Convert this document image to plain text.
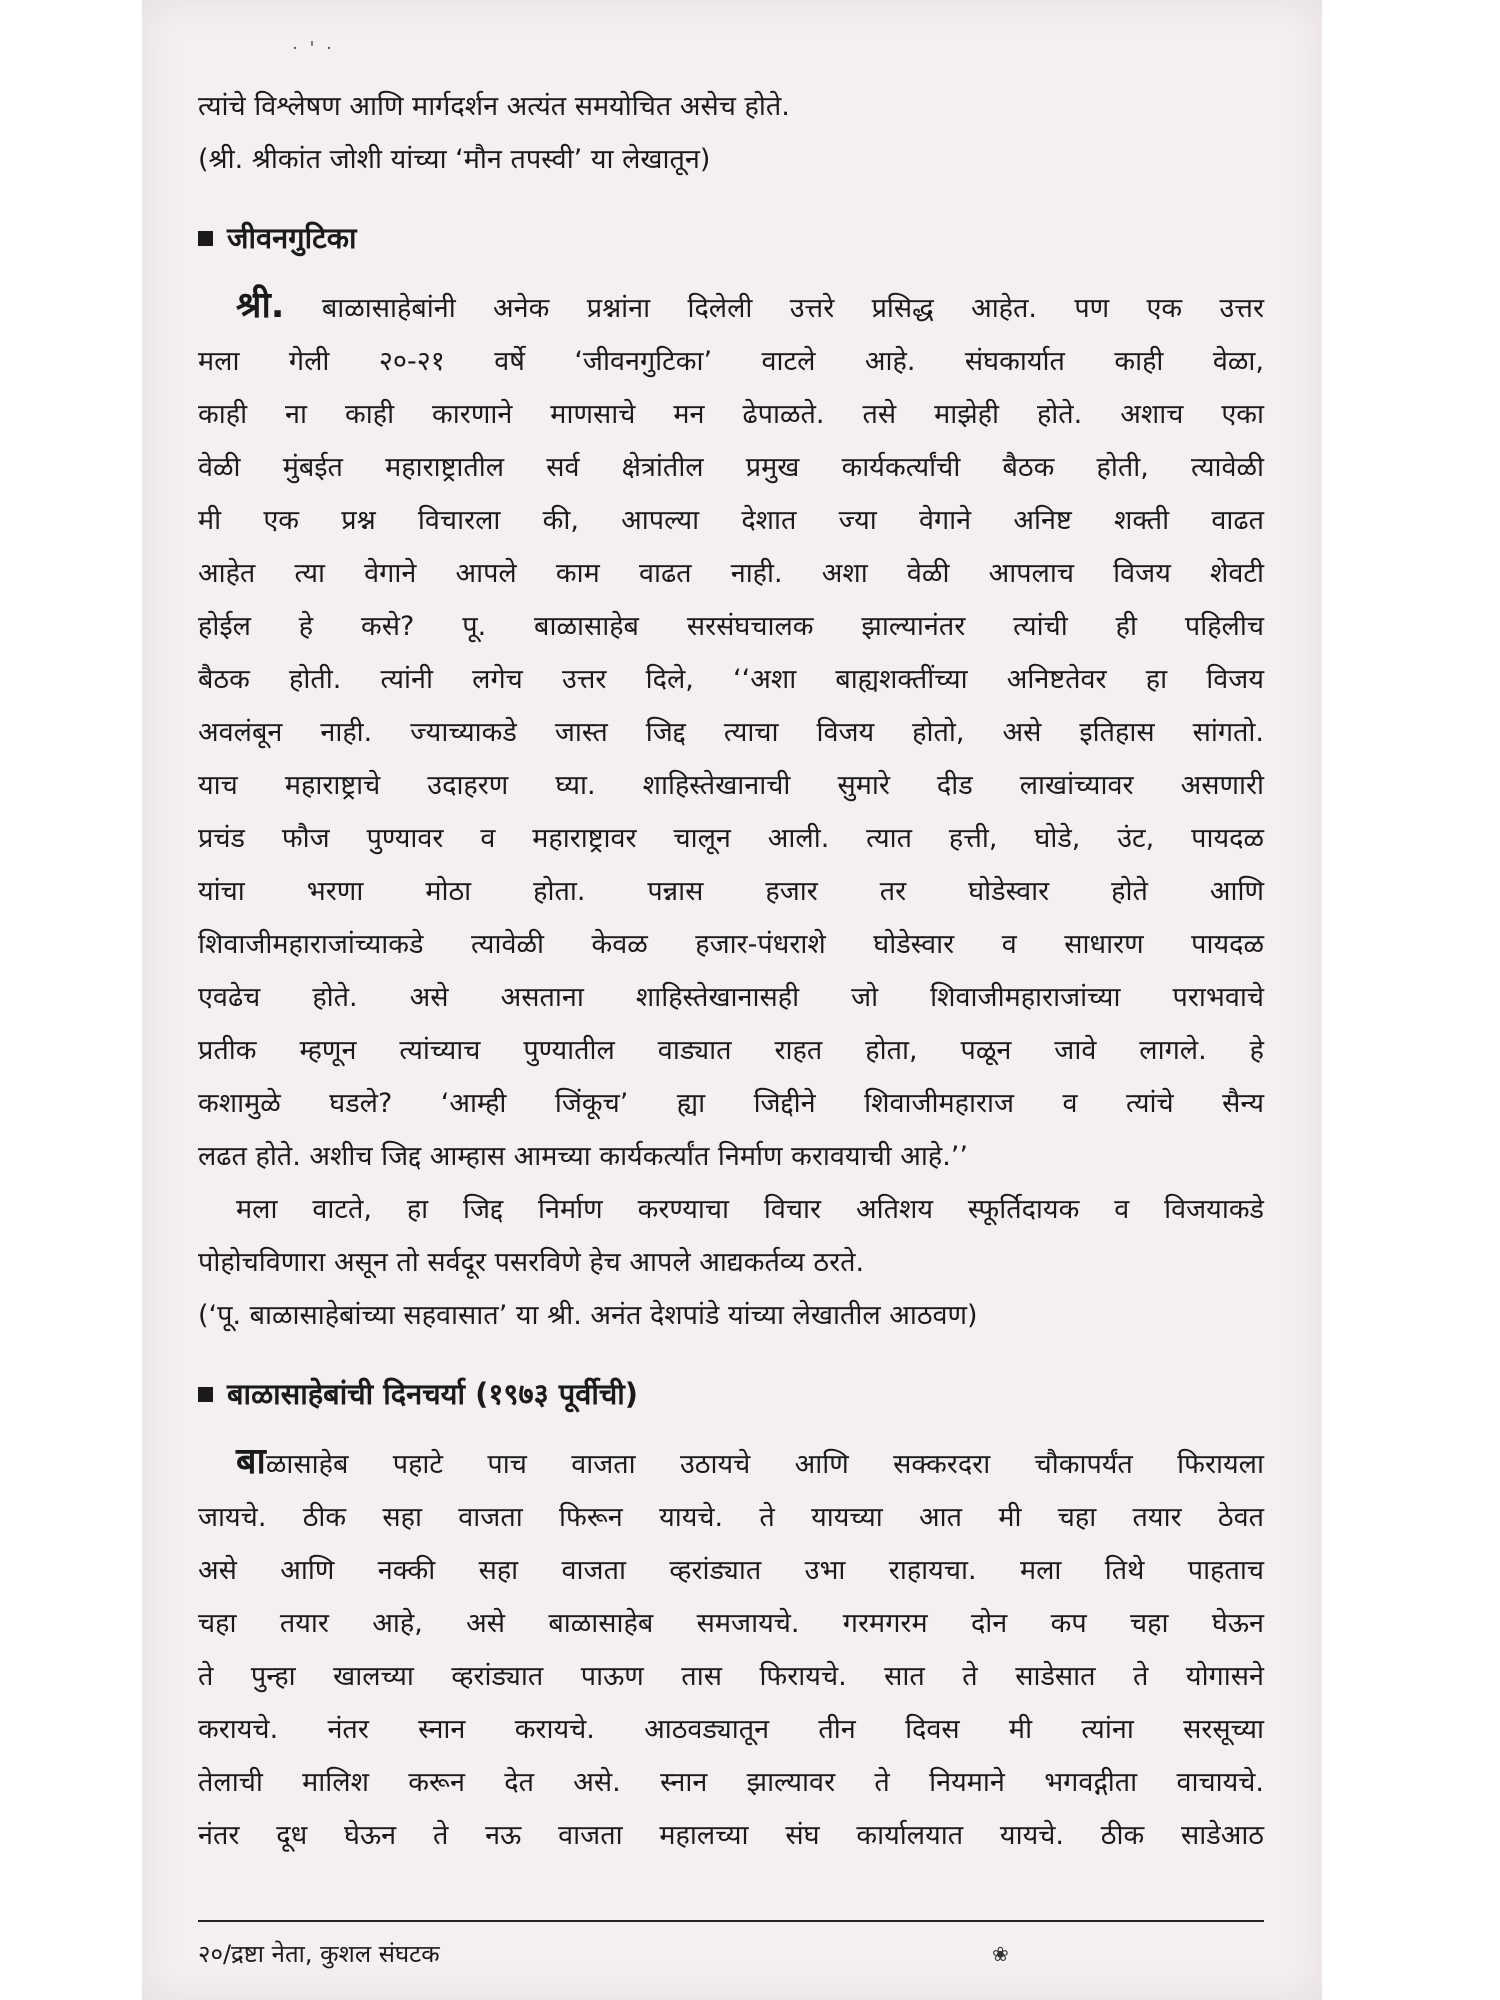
· ' ·

त्यांचे विश्लेषण आणि मार्गदर्शन अत्यंत समयोचित असेच होते.
(श्री. श्रीकांत जोशी यांच्या ‘मौन तपस्वी’ या लेखातून)

जीवनगुटिका

श्री. बाळासाहेबांनी अनेक प्रश्नांना दिलेली उत्तरे प्रसिद्ध आहेत. पण एक उत्तर

मला गेली २०-२१ वर्षे ‘जीवनगुटिका’ वाटले आहे. संघकार्यात काही वेळा,
काही ना काही कारणाने माणसाचे मन ढेपाळते. तसे माझेही होते. अशाच एका
वेळी मुंबईत महाराष्ट्रातील सर्व क्षेत्रांतील प्रमुख कार्यकर्त्यांची बैठक होती, त्यावेळी
मी एक प्रश्न विचारला की, आपल्या देशात ज्या वेगाने अनिष्ट शक्ती वाढत
आहेत त्या वेगाने आपले काम वाढत नाही. अशा वेळी आपलाच विजय शेवटी
होईल हे कसे? पू. बाळासाहेब सरसंघचालक झाल्यानंतर त्यांची ही पहिलीच
बैठक होती. त्यांनी लगेच उत्तर दिले, ‘‘अशा बाह्यशक्तींच्या अनिष्टतेवर हा विजय
अवलंबून नाही. ज्याच्याकडे जास्त जिद्द त्याचा विजय होतो, असे इतिहास सांगतो.
याच महाराष्ट्राचे उदाहरण घ्या. शाहिस्तेखानाची सुमारे दीड लाखांच्यावर असणारी
प्रचंड फौज पुण्यावर व महाराष्ट्रावर चालून आली. त्यात हत्ती, घोडे, उंट, पायदळ
यांचा भरणा मोठा होता. पन्नास हजार तर घोडेस्वार होते आणि
शिवाजीमहाराजांच्याकडे त्यावेळी केवळ हजार-पंधराशे घोडेस्वार व साधारण पायदळ
एवढेच होते. असे असताना शाहिस्तेखानासही जो शिवाजीमहाराजांच्या पराभवाचे
प्रतीक म्हणून त्यांच्याच पुण्यातील वाड्यात राहत होता, पळून जावे लागले. हे
कशामुळे घडले? ‘आम्ही जिंकूच’ ह्या जिद्दीने शिवाजीमहाराज व त्यांचे सैन्य
लढत होते. अशीच जिद्द आम्हास आमच्या कार्यकर्त्यांत निर्माण करावयाची आहे.’’

मला वाटते, हा जिद्द निर्माण करण्याचा विचार अतिशय स्फूर्तिदायक व विजयाकडे
पोहोचविणारा असून तो सर्वदूर पसरविणे हेच आपले आद्यकर्तव्य ठरते.

(‘पू. बाळासाहेबांच्या सहवासात’ या श्री. अनंत देशपांडे यांच्या लेखातील आठवण)

बाळासाहेबांची दिनचर्या (१९७३ पूर्वीची)

बाळासाहेब पहाटे पाच वाजता उठायचे आणि सक्करदरा चौकापर्यंत फिरायला
जायचे. ठीक सहा वाजता फिरून यायचे. ते यायच्या आत मी चहा तयार ठेवत
असे आणि नक्की सहा वाजता व्हरांड्यात उभा राहायचा. मला तिथे पाहताच
चहा तयार आहे, असे बाळासाहेब समजायचे. गरमगरम दोन कप चहा घेऊन
ते पुन्हा खालच्या व्हरांड्यात पाऊण तास फिरायचे. सात ते साडेसात ते योगासने
करायचे. नंतर स्नान करायचे. आठवड्यातून तीन दिवस मी त्यांना सरसूच्या
तेलाची मालिश करून देत असे. स्नान झाल्यावर ते नियमाने भगवद्गीता वाचायचे.
नंतर दूध घेऊन ते नऊ वाजता महालच्या संघ कार्यालयात यायचे. ठीक साडेआठ

२०/द्रष्टा नेता, कुशल संघटक	❀
